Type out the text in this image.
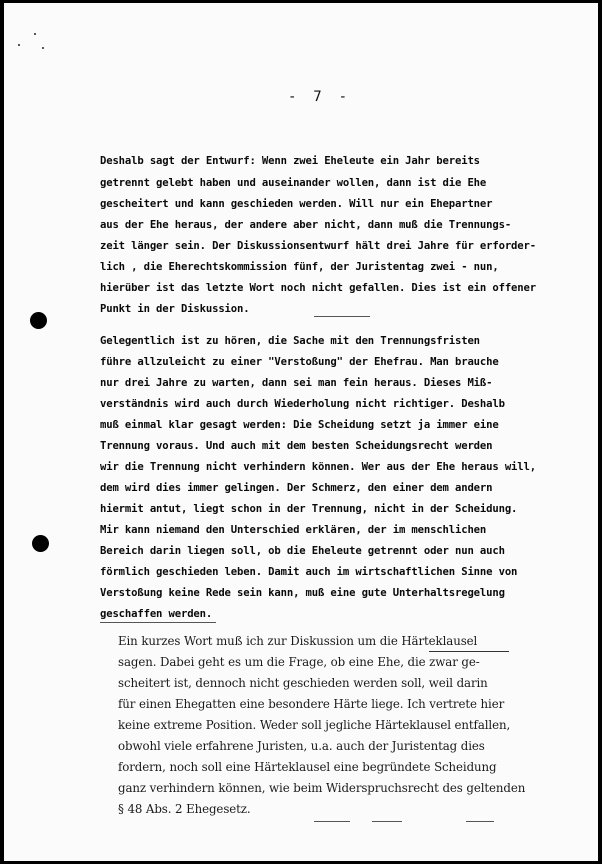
-  7  -
Deshalb sagt der Entwurf: Wenn zwei Eheleute ein Jahr bereits
getrennt gelebt haben und auseinander wollen, dann ist die Ehe
gescheitert und kann geschieden werden. Will nur ein Ehepartner
aus der Ehe heraus, der andere aber nicht, dann muß die Trennungs-
zeit länger sein. Der Diskussionsentwurf hält drei Jahre für erforder-
lich , die Eherechtskommission fünf, der Juristentag zwei - nun,
hierüber ist das letzte Wort noch nicht gefallen. Dies ist ein offener
Punkt in der Diskussion.
Gelegentlich ist zu hören, die Sache mit den Trennungsfristen
führe allzuleicht zu einer "Verstoßung" der Ehefrau. Man brauche
nur drei Jahre zu warten, dann sei man fein heraus. Dieses Miß-
verständnis wird auch durch Wiederholung nicht richtiger. Deshalb
muß einmal klar gesagt werden: Die Scheidung setzt ja immer eine
Trennung voraus. Und auch mit dem besten Scheidungsrecht werden
wir die Trennung nicht verhindern können. Wer aus der Ehe heraus will,
dem wird dies immer gelingen. Der Schmerz, den einer dem andern
hiermit antut, liegt schon in der Trennung, nicht in der Scheidung.
Mir kann niemand den Unterschied erklären, der im menschlichen
Bereich darin liegen soll, ob die Eheleute getrennt oder nun auch
förmlich geschieden leben. Damit auch im wirtschaftlichen Sinne von
Verstoßung keine Rede sein kann, muß eine gute Unterhaltsregelung
geschaffen werden.
Ein kurzes Wort muß ich zur Diskussion um die Härteklausel
sagen. Dabei geht es um die Frage, ob eine Ehe, die zwar ge-
scheitert ist, dennoch nicht geschieden werden soll, weil darin
für einen Ehegatten eine besondere Härte liege. Ich vertrete hier
keine extreme Position. Weder soll jegliche Härteklausel entfallen,
obwohl viele erfahrene Juristen, u.a. auch der Juristentag dies
fordern, noch soll eine Härteklausel eine begründete Scheidung
ganz verhindern können, wie beim Widerspruchsrecht des geltenden
§ 48 Abs. 2 Ehegesetz.
